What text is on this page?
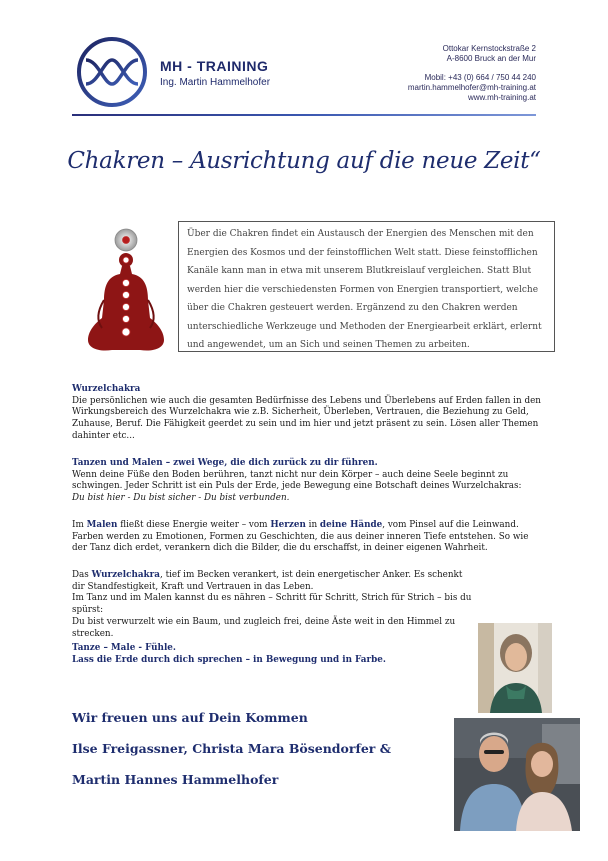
MH - TRAINING
Ing. Martin Hammelhofer
Ottokar Kernstockstraße 2
A-8600 Bruck an der Mur
Mobil: +43 (0) 664 / 750 44 240
martin.hammelhofer@mh-training.at
www.mh-training.at
Chakren – Ausrichtung auf die neue Zeit“
Über die Chakren findet ein Austausch der Energien des Menschen mit den Energien des Kosmos und der feinstofflichen Welt statt. Diese feinstofflichen Kanäle kann man in etwa mit unserem Blutkreislauf vergleichen. Statt Blut werden hier die verschiedensten Formen von Energien transportiert, welche über die Chakren gesteuert werden. Ergänzend zu den Chakren werden unterschiedliche Werkzeuge und Methoden der Energiearbeit erklärt, erlernt und angewendet, um an Sich und seinen Themen zu arbeiten.
Wurzelchakra
Die persönlichen wie auch die gesamten Bedürfnisse des Lebens und Überlebens auf Erden fallen in den Wirkungsbereich des Wurzelchakra wie z.B. Sicherheit, Überleben, Vertrauen, die Beziehung zu Geld, Zuhause, Beruf. Die Fähigkeit geerdet zu sein und im hier und jetzt präsent zu sein. Lösen aller Themen dahinter etc...
Tanzen und Malen – zwei Wege, die dich zurück zu dir führen.
Wenn deine Füße den Boden berühren, tanzt nicht nur dein Körper – auch deine Seele beginnt zu schwingen. Jeder Schritt ist ein Puls der Erde, jede Bewegung eine Botschaft deines Wurzelchakras:
Du bist hier - Du bist sicher - Du bist verbunden.
Im Malen fließt diese Energie weiter – vom Herzen in deine Hände, vom Pinsel auf die Leinwand. Farben werden zu Emotionen, Formen zu Geschichten, die aus deiner inneren Tiefe entstehen. So wie der Tanz dich erdet, verankern dich die Bilder, die du erschaffst, in deiner eigenen Wahrheit.
Das Wurzelchakra, tief im Becken verankert, ist dein energetischer Anker. Es schenkt dir Standfestigkeit, Kraft und Vertrauen in das Leben.
Im Tanz und im Malen kannst du es nähren – Schritt für Schritt, Strich für Strich – bis du spürst:
Du bist verwurzelt wie ein Baum, und zugleich frei, deine Äste weit in den Himmel zu
strecken.
Tanze – Male - Fühle.
Lass die Erde durch dich sprechen – in Bewegung und in Farbe.
Wir freuen uns auf Dein Kommen
Ilse Freigassner, Christa Mara Bösendorfer &
Martin Hannes Hammelhofer
